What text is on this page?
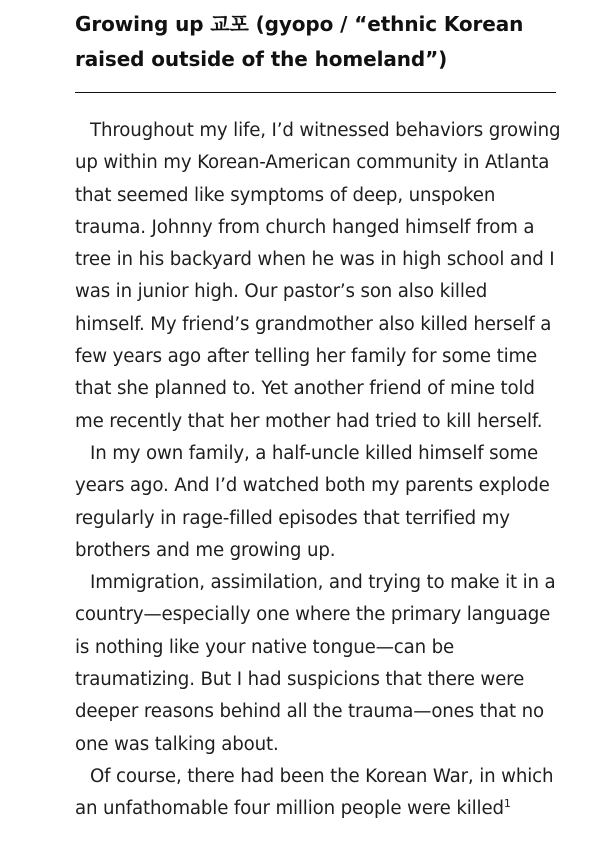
Growing up 교포 (gyopo / “ethnic Korean
raised outside of the homeland”)

Throughout my life, I’d witnessed behaviors growing
up within my Korean-American community in Atlanta
that seemed like symptoms of deep, unspoken
trauma. Johnny from church hanged himself from a
tree in his backyard when he was in high school and I
was in junior high. Our pastor’s son also killed
himself. My friend’s grandmother also killed herself a
few years ago after telling her family for some time
that she planned to. Yet another friend of mine told
me recently that her mother had tried to kill herself.

In my own family, a half-uncle killed himself some
years ago. And I’d watched both my parents explode
regularly in rage-filled episodes that terrified my
brothers and me growing up.

Immigration, assimilation, and trying to make it in a
country—especially one where the primary language
is nothing like your native tongue—can be
traumatizing. But I had suspicions that there were
deeper reasons behind all the trauma—ones that no
one was talking about.

Of course, there had been the Korean War, in which
an unfathomable four million people were killed$^1$
